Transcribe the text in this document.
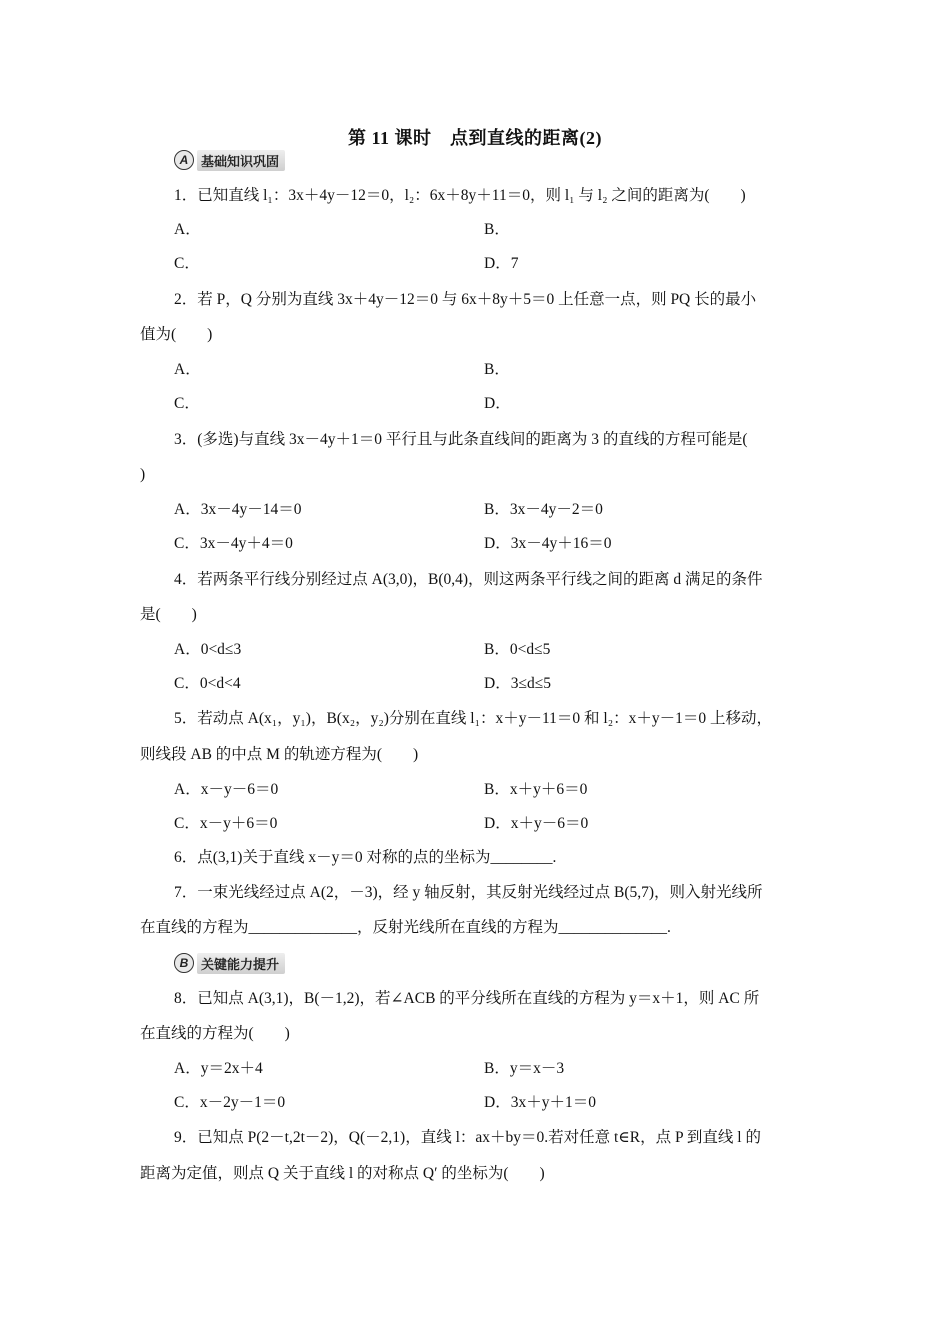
第 11 课时　点到直线的距离(2)
A 基础知识巩固
1．已知直线 l₁：3x＋4y－12＝0，l₂：6x＋8y＋11＝0，则 l₁ 与 l₂ 之间的距离为(　　)
A．	B．
C．	D．7
2．若 P，Q 分别为直线 3x＋4y－12＝0 与 6x＋8y＋5＝0 上任意一点，则 PQ 长的最小
值为(　　)
A．	B．
C．	D．
3．(多选)与直线 3x－4y＋1＝0 平行且与此条直线间的距离为 3 的直线的方程可能是(
)
A．3x－4y－14＝0	B．3x－4y－2＝0
C．3x－4y＋4＝0	D．3x－4y＋16＝0
4．若两条平行线分别经过点 A(3,0)，B(0,4)，则这两条平行线之间的距离 d 满足的条件
是(　　)
A．0<d≤3	B．0<d≤5
C．0<d<4	D．3≤d≤5
5．若动点 A(x₁，y₁)，B(x₂，y₂)分别在直线 l₁：x＋y－11＝0 和 l₂：x＋y－1＝0 上移动，
则线段 AB 的中点 M 的轨迹方程为(　　)
A．x－y－6＝0	B．x＋y＋6＝0
C．x－y＋6＝0	D．x＋y－6＝0
6．点(3,1)关于直线 x－y＝0 对称的点的坐标为________.
7．一束光线经过点 A(2，－3)，经 y 轴反射，其反射光线经过点 B(5,7)，则入射光线所
在直线的方程为______________，反射光线所在直线的方程为______________.
B 关键能力提升
8．已知点 A(3,1)，B(－1,2)，若∠ACB 的平分线所在直线的方程为 y＝x＋1，则 AC 所
在直线的方程为(　　)
A．y＝2x＋4	B．y＝x－3
C．x－2y－1＝0	D．3x＋y＋1＝0
9．已知点 P(2－t,2t－2)，Q(－2,1)，直线 l：ax＋by＝0.若对任意 t∈R，点 P 到直线 l 的
距离为定值，则点 Q 关于直线 l 的对称点 Q′ 的坐标为(　　)
